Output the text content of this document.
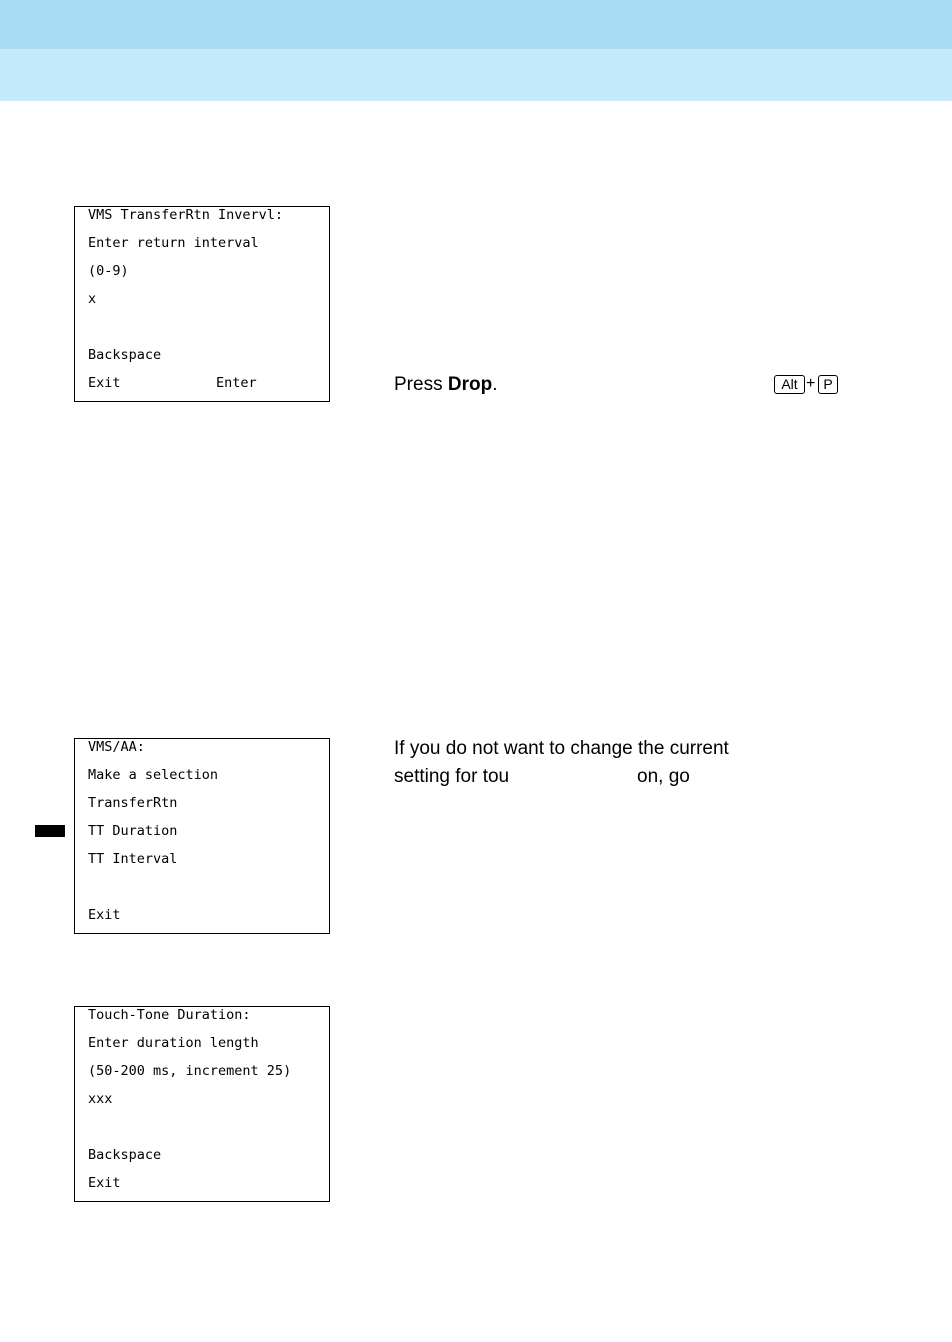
VMS TransferRtn Invervl:
Enter return interval
(0-9)
x
Backspace
Exit	Enter	Press Drop.	Alt + P
VMS/AA:
Make a selection
TransferRtn
TT Duration
TT Interval
Exit
If you do not want to change the current
setting for tou	on, go
Touch-Tone Duration:
Enter duration length
(50-200 ms, increment 25)
xxx
Backspace
Exit
